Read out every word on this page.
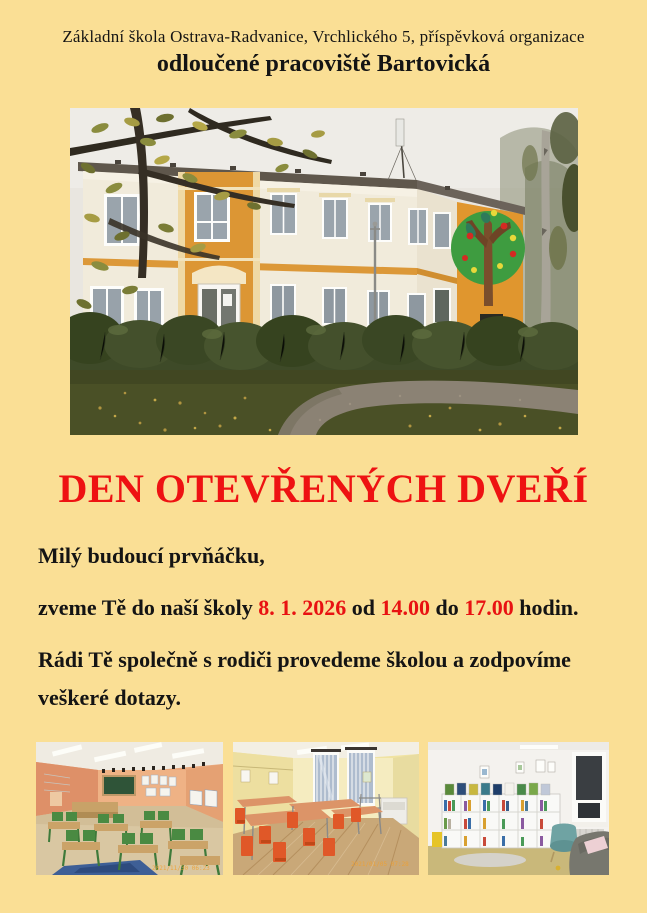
Základní škola Ostrava-Radvanice, Vrchlického 5, příspěvková organizace
odloučené pracoviště Bartovická
DEN OTEVŘENÝCH DVEŘÍ

Milý budoucí prvňáčku,

zveme Tě do naší školy 8. 1. 2026 od 14.00 do 17.00 hodin.

Rádi Tě společně s rodiči provedeme školou a zodpovíme

veškeré dotazy.

2021/11/30 06:23
2021/01/05 07:28
